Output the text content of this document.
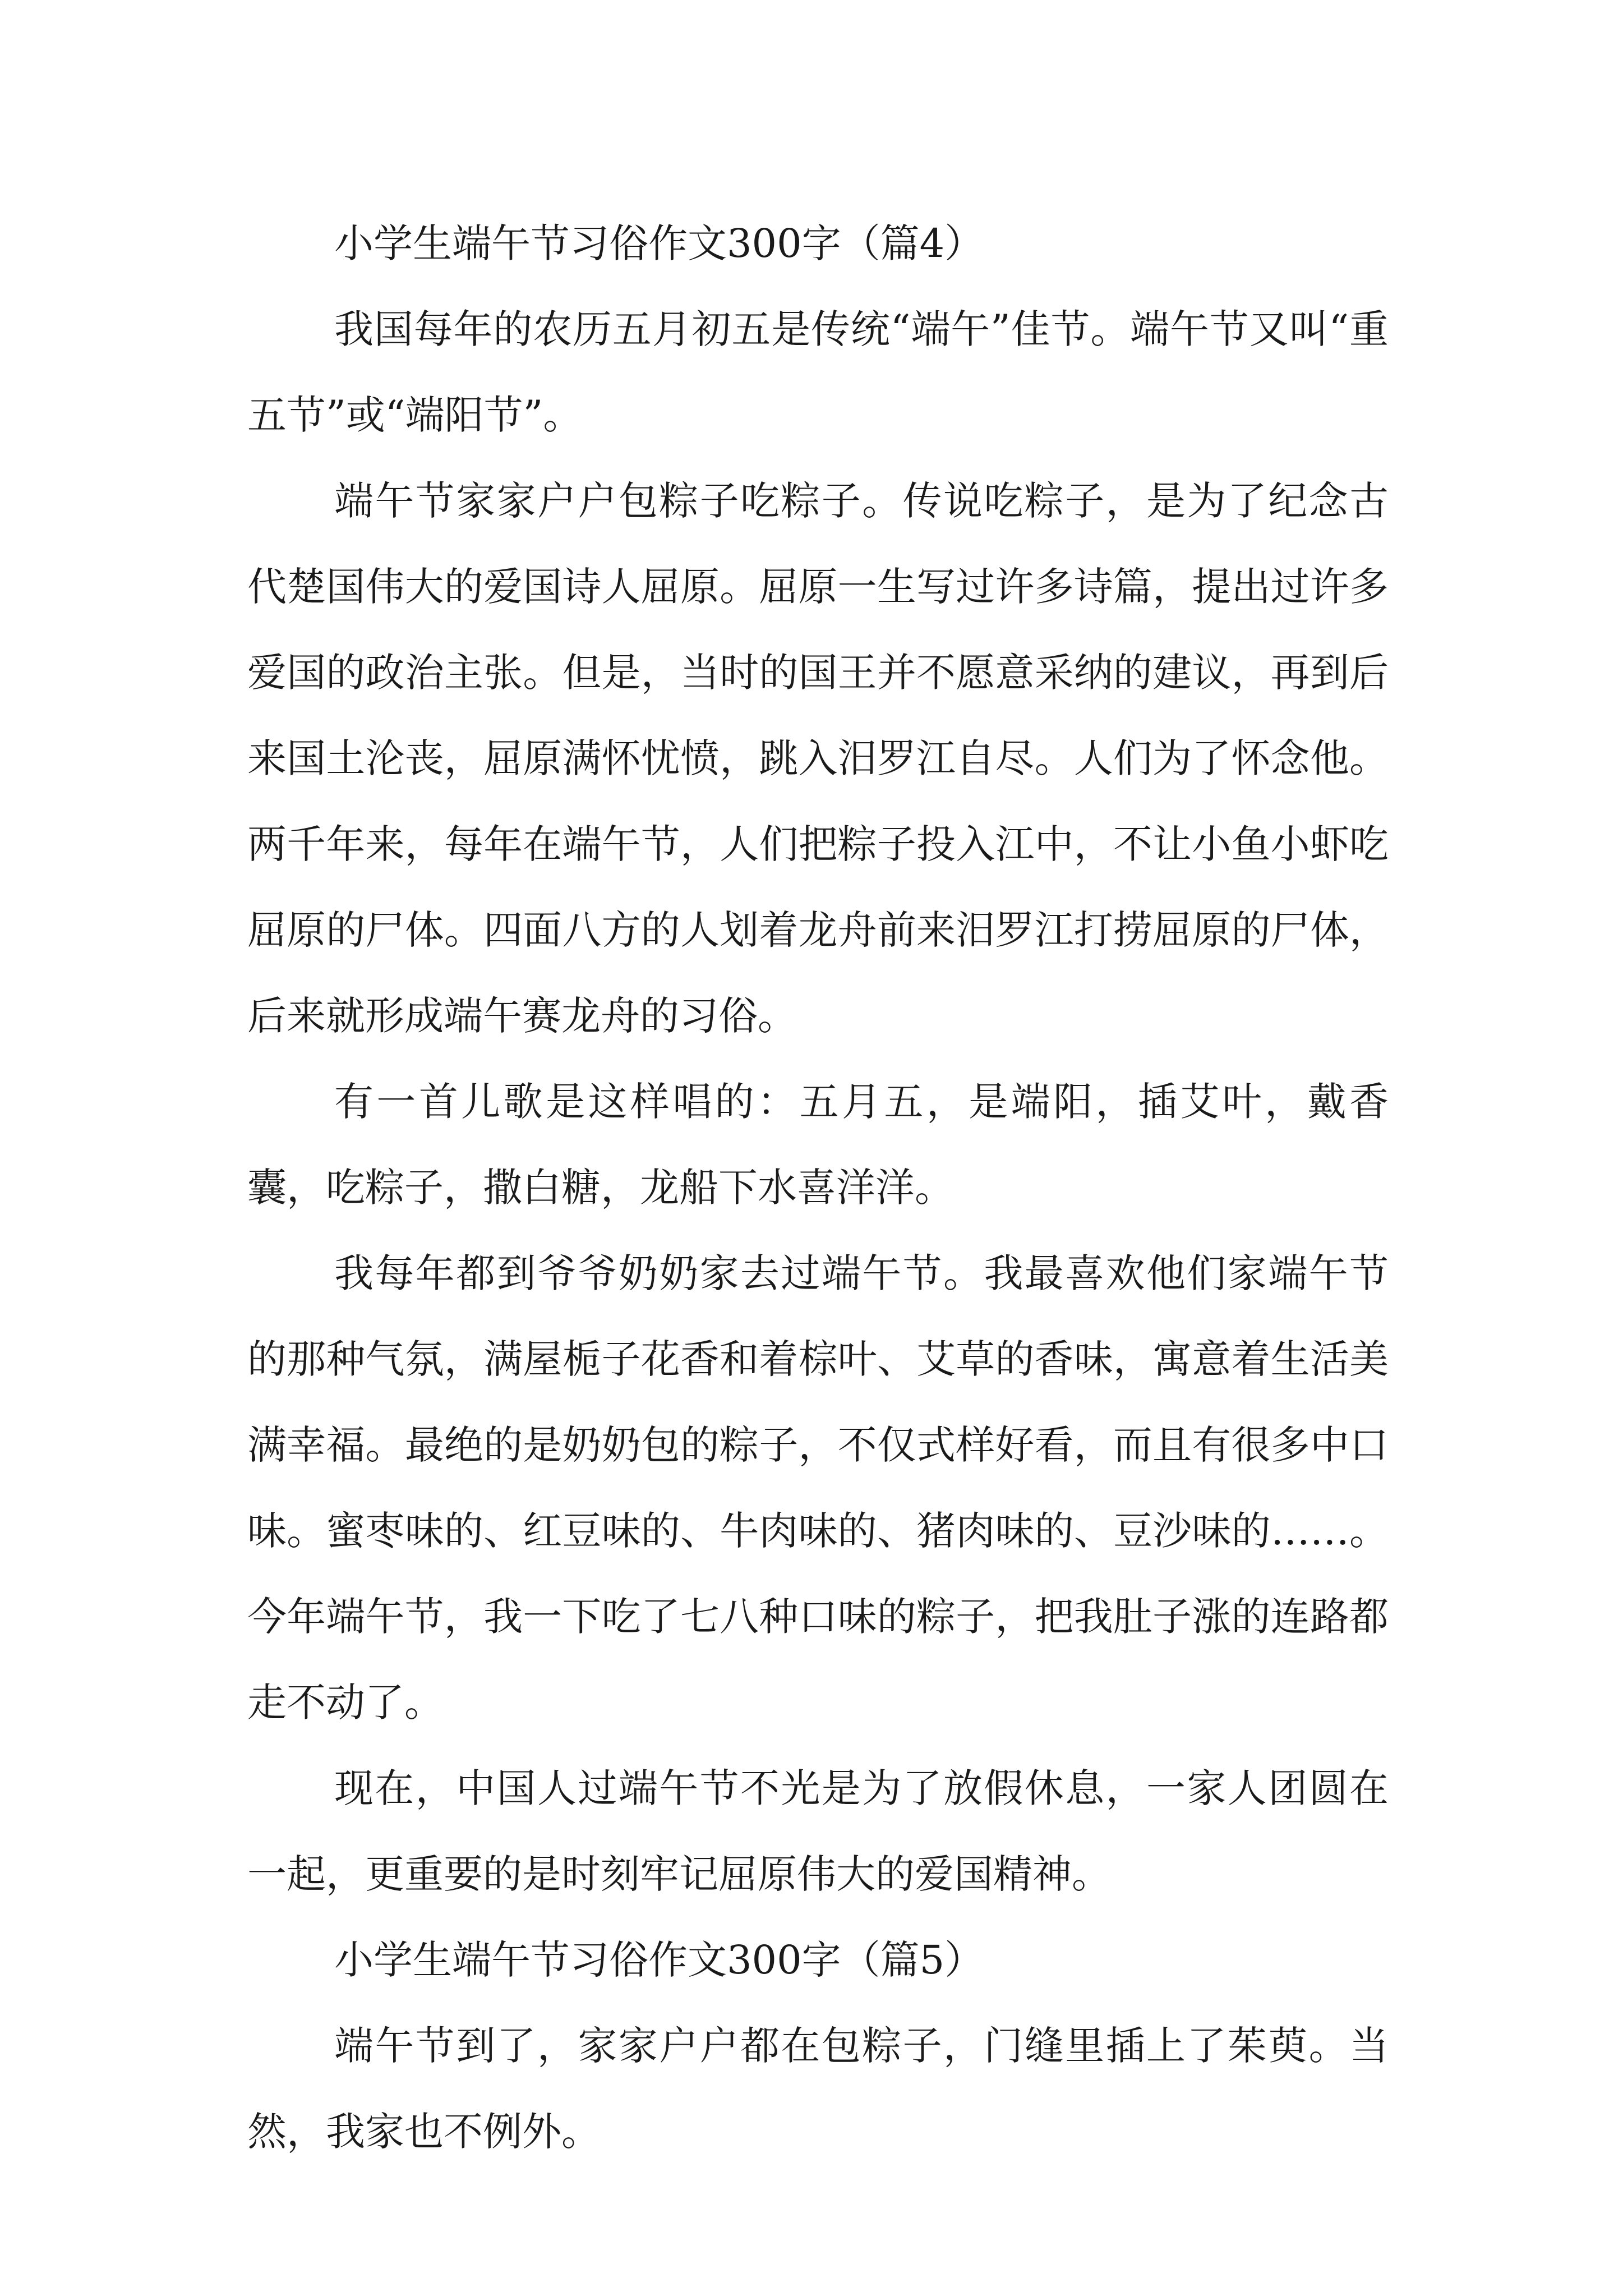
小学生端午节习俗作文300字（篇4）

我国每年的农历五月初五是传统“端午”佳节。端午节又叫“重五节”或“端阳节”。

端午节家家户户包粽子吃粽子。传说吃粽子，是为了纪念古代楚国伟大的爱国诗人屈原。屈原一生写过许多诗篇，提出过许多爱国的政治主张。但是，当时的国王并不愿意采纳的建议，再到后来国土沦丧，屈原满怀忧愤，跳入汨罗江自尽。人们为了怀念他。两千年来，每年在端午节，人们把粽子投入江中，不让小鱼小虾吃屈原的尸体。四面八方的人划着龙舟前来汨罗江打捞屈原的尸体，后来就形成端午赛龙舟的习俗。

有一首儿歌是这样唱的：五月五，是端阳，插艾叶，戴香囊，吃粽子，撒白糖，龙船下水喜洋洋。

我每年都到爷爷奶奶家去过端午节。我最喜欢他们家端午节的那种气氛，满屋栀子花香和着棕叶、艾草的香味，寓意着生活美满幸福。最绝的是奶奶包的粽子，不仅式样好看，而且有很多中口味。蜜枣味的、红豆味的、牛肉味的、猪肉味的、豆沙味的……。今年端午节，我一下吃了七八种口味的粽子，把我肚子涨的连路都走不动了。

现在，中国人过端午节不光是为了放假休息，一家人团圆在一起，更重要的是时刻牢记屈原伟大的爱国精神。

小学生端午节习俗作文300字（篇5）

端午节到了，家家户户都在包粽子，门缝里插上了茱萸。当然，我家也不例外。
